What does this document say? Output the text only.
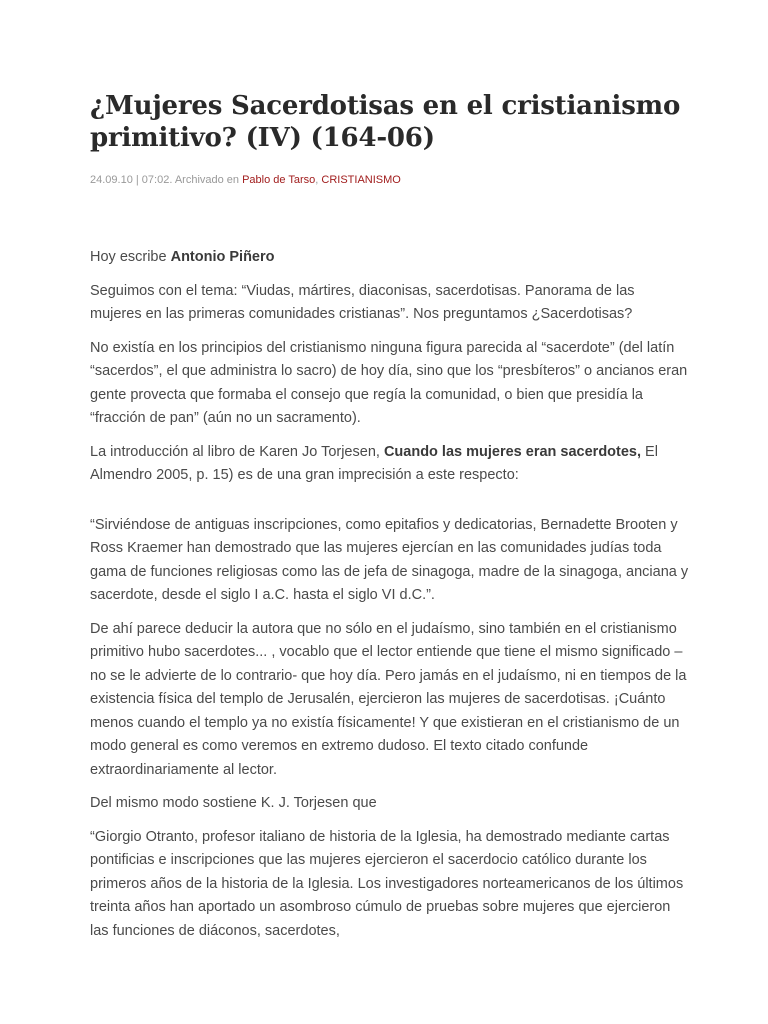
¿Mujeres Sacerdotisas en el cristianismo primitivo? (IV) (164-06)
24.09.10 | 07:02. Archivado en Pablo de Tarso, CRISTIANISMO

Hoy escribe Antonio Piñero

Seguimos con el tema: “Viudas, mártires, diaconisas, sacerdotisas. Panorama de las mujeres en las primeras comunidades cristianas”. Nos preguntamos ¿Sacerdotisas?

No existía en los principios del cristianismo ninguna figura parecida al “sacerdote” (del latín “sacerdos”, el que administra lo sacro) de hoy día, sino que los “presbíteros” o ancianos eran gente provecta que formaba el consejo que regía la comunidad, o bien que presidía la “fracción de pan” (aún no un sacramento).

La introducción al libro de Karen Jo Torjesen, Cuando las mujeres eran sacerdotes, El Almendro 2005, p. 15) es de una gran imprecisión a este respecto:

“Sirviéndose de antiguas inscripciones, como epitafios y dedicatorias, Bernadette Brooten y Ross Kraemer han demostrado que las mujeres ejercían en las comunidades judías toda gama de funciones religiosas como las de jefa de sinagoga, madre de la sinagoga, anciana y sacerdote, desde el siglo I a.C. hasta el siglo VI d.C.”.

De ahí parece deducir la autora que no sólo en el judaísmo, sino también en el cristianismo primitivo hubo sacerdotes... , vocablo que el lector entiende que tiene el mismo significado –no se le advierte de lo contrario- que hoy día. Pero jamás en el judaísmo, ni en tiempos de la existencia física del templo de Jerusalén, ejercieron las mujeres de sacerdotisas. ¡Cuánto menos cuando el templo ya no existía físicamente! Y que existieran en el cristianismo de un modo general es como veremos en extremo dudoso. El texto citado confunde extraordinariamente al lector.

Del mismo modo sostiene K. J. Torjesen que

“Giorgio Otranto, profesor italiano de historia de la Iglesia, ha demostrado mediante cartas pontificias e inscripciones que las mujeres ejercieron el sacerdocio católico durante los primeros años de la historia de la Iglesia. Los investigadores norteamericanos de los últimos treinta años han aportado un asombroso cúmulo de pruebas sobre mujeres que ejercieron las funciones de diáconos, sacerdotes,
